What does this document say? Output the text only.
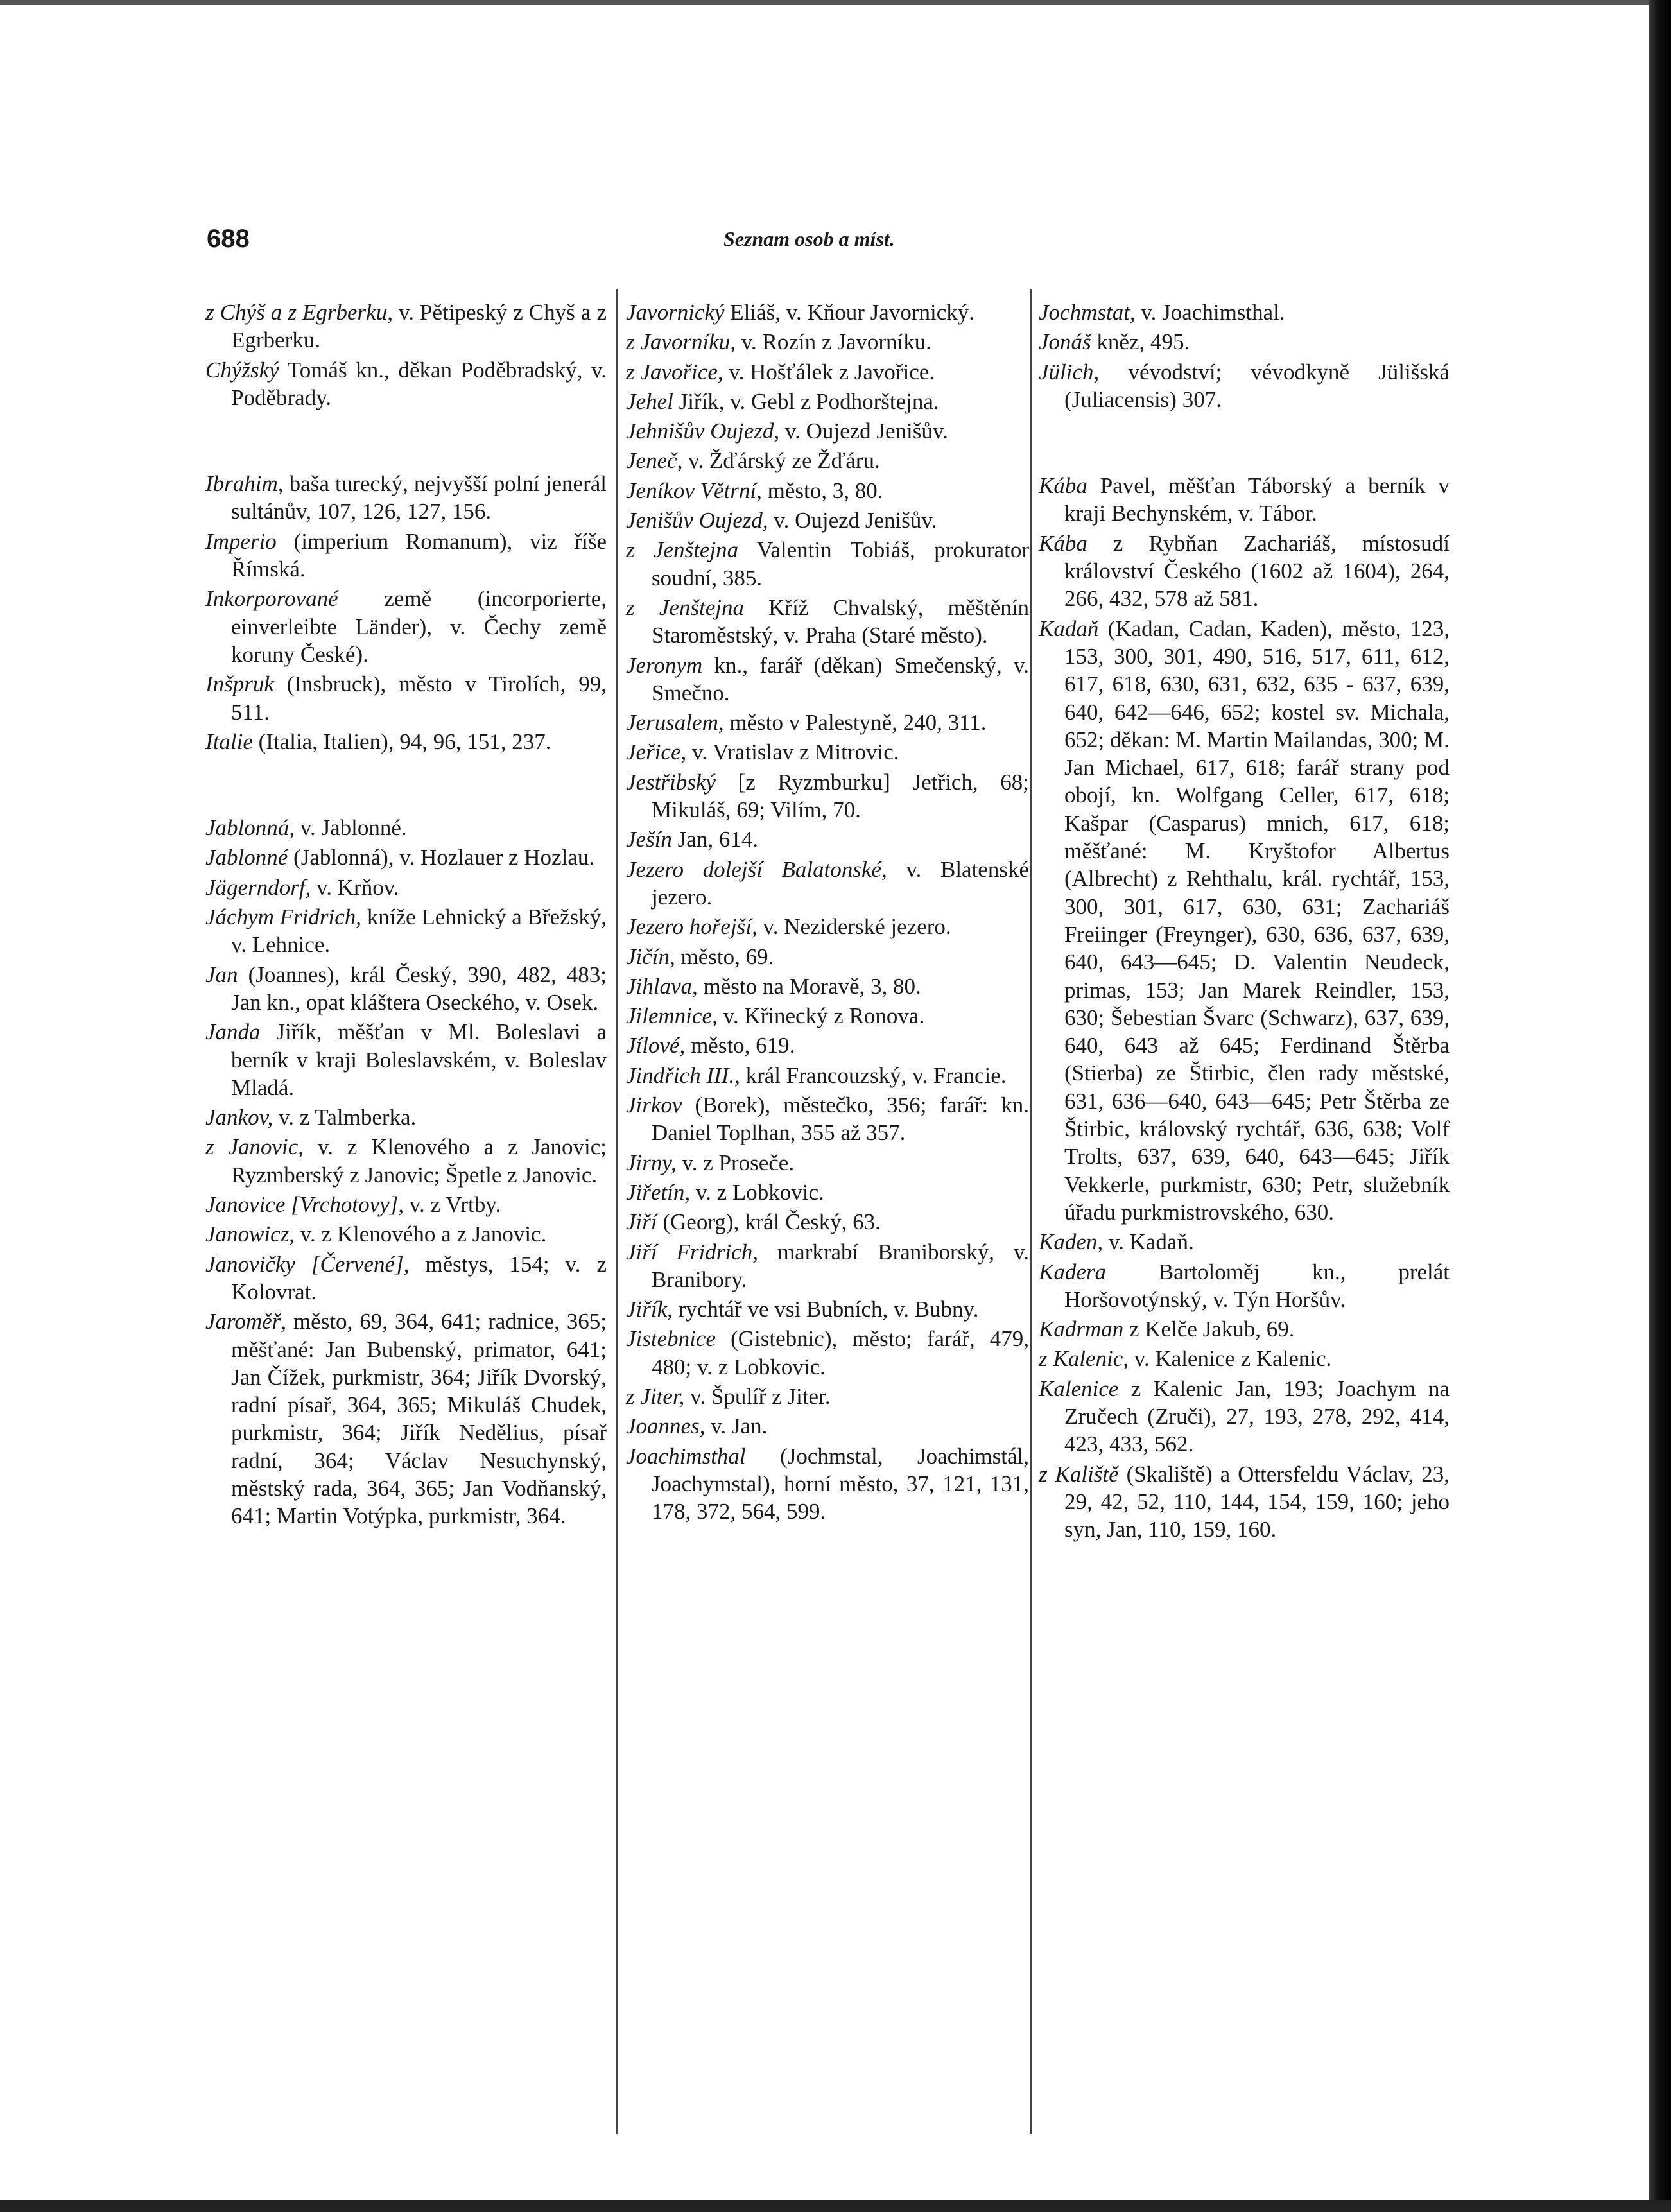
688	Seznam osob a míst.
z Chýš a z Egrberku, v. Pětipeský z Chyš a z Egrberku.
Chýžský Tomáš kn., děkan Poděbradský, v. Poděbrady.
Ibrahim, baša turecký, nejvyšší polní jenerál sultánův, 107, 126, 127, 156.
Imperio (imperium Romanum), viz říše Římská.
Inkorporované země (incorporierte, einverleibte Länder), v. Čechy země koruny České).
Inšpruk (Insbruck), město v Tirolích, 99, 511.
Italie (Italia, Italien), 94, 96, 151, 237.
Jablonná, v. Jablonné.
Jablonné (Jablonná), v. Hozlauer z Hozlau.
Jägerndorf, v. Krňov.
Jáchym Fridrich, kníže Lehnický a Břežský, v. Lehnice.
Jan (Joannes), král Český, 390, 482, 483; Jan kn., opat kláštera Oseckého, v. Osek.
Janda Jiřík, měšťan v Ml. Boleslavi a berník v kraji Boleslavském, v. Boleslav Mladá.
Jankov, v. z Talmberka.
z Janovic, v. z Klenového a z Janovic; Ryzmberský z Janovic; Špetle z Janovic.
Janovice [Vrchotovy], v. z Vrtby.
Janowicz, v. z Klenového a z Janovic.
Janovičky [Červené], městys, 154; v. z Kolovrat.
Jaroměř, město, 69, 364, 641; radnice, 365; měšťané: Jan Bubenský, primator, 641; Jan Čížek, purkmistr, 364; Jiřík Dvorský, radní písař, 364, 365; Mikuláš Chudek, purkmistr, 364; Jiřík Nedělius, písař radní, 364; Václav Nesuchynský, městský rada, 364, 365; Jan Vodňanský, 641; Martin Votýpka, purkmistr, 364.
Javornický Eliáš, v. Kňour Javornický.
z Javorníku, v. Rozín z Javorníku.
z Javořice, v. Hošťálek z Javořice.
Jehel Jiřík, v. Gebl z Podhorštejna.
Jehnišův Oujezd, v. Oujezd Jenišův.
Jeneč, v. Žďárský ze Žďáru.
Jeníkov Větrní, město, 3, 80.
Jenišův Oujezd, v. Oujezd Jenišův.
z Jenštejna Valentin Tobiáš, prokurator soudní, 385.
z Jenštejna Kříž Chvalský, měštěnín Staroměstský, v. Praha (Staré město).
Jeronym kn., farář (děkan) Smečenský, v. Smečno.
Jerusalem, město v Palestyně, 240, 311.
Jeřice, v. Vratislav z Mitrovic.
Jestřibský [z Ryzmburku] Jetřich, 68; Mikuláš, 69; Vilím, 70.
Ješín Jan, 614.
Jezero dolejší Balatonské, v. Blatenské jezero.
Jezero hořejší, v. Neziderské jezero.
Jičín, město, 69.
Jihlava, město na Moravě, 3, 80.
Jilemnice, v. Křinecký z Ronova.
Jílové, město, 619.
Jindřich III., král Francouzský, v. Francie.
Jirkov (Borek), městečko, 356; farář: kn. Daniel Toplhan, 355 až 357.
Jirny, v. z Proseče.
Jiřetín, v. z Lobkovic.
Jiří (Georg), král Český, 63.
Jiří Fridrich, markrabí Braniborský, v. Branibory.
Jiřík, rychtář ve vsi Bubních, v. Bubny.
Jistebnice (Gistebnic), město; farář, 479, 480; v. z Lobkovic.
z Jiter, v. Špulíř z Jiter.
Joannes, v. Jan.
Joachimsthal (Jochmstal, Joachimstál, Joachymstal), horní město, 37, 121, 131, 178, 372, 564, 599.
Jochmstat, v. Joachimsthal.
Jonáš kněz, 495.
Jülich, vévodství; vévodkyně Jülišská (Juliacensis) 307.
Kába Pavel, měšťan Táborský a berník v kraji Bechynském, v. Tábor.
Kába z Rybňan Zachariáš, místosudí království Českého (1602 až 1604), 264, 266, 432, 578 až 581.
Kadaň (Kadan, Cadan, Kaden), město, 123, 153, 300, 301, 490, 516, 517, 611, 612, 617, 618, 630, 631, 632, 635 - 637, 639, 640, 642—646, 652; kostel sv. Michala, 652; děkan: M. Martin Mailandas, 300; M. Jan Michael, 617, 618; farář strany pod obojí, kn. Wolfgang Celler, 617, 618; Kašpar (Casparus) mnich, 617, 618; měšťané: M. Kryštofor Albertus (Albrecht) z Rehthalu, král. rychtář, 153, 300, 301, 617, 630, 631; Zachariáš Freiinger (Freynger), 630, 636, 637, 639, 640, 643—645; D. Valentin Neudeck, primas, 153; Jan Marek Reindler, 153, 630; Šebestian Švarc (Schwarz), 637, 639, 640, 643 až 645; Ferdinand Štěrba (Stierba) ze Štirbic, člen rady městské, 631, 636—640, 643—645; Petr Štěrba ze Štirbic, královský rychtář, 636, 638; Volf Trolts, 637, 639, 640, 643—645; Jiřík Vekkerle, purkmistr, 630; Petr, služebník úřadu purkmistrovského, 630.
Kaden, v. Kadaň.
Kadera Bartoloměj kn., prelát Horšovotýnský, v. Týn Horšův.
Kadrman z Kelče Jakub, 69.
z Kalenic, v. Kalenice z Kalenic.
Kalenice z Kalenic Jan, 193; Joachym na Zručech (Zruči), 27, 193, 278, 292, 414, 423, 433, 562.
z Kaliště (Skaliště) a Ottersfeldu Václav, 23, 29, 42, 52, 110, 144, 154, 159, 160; jeho syn, Jan, 110, 159, 160.
